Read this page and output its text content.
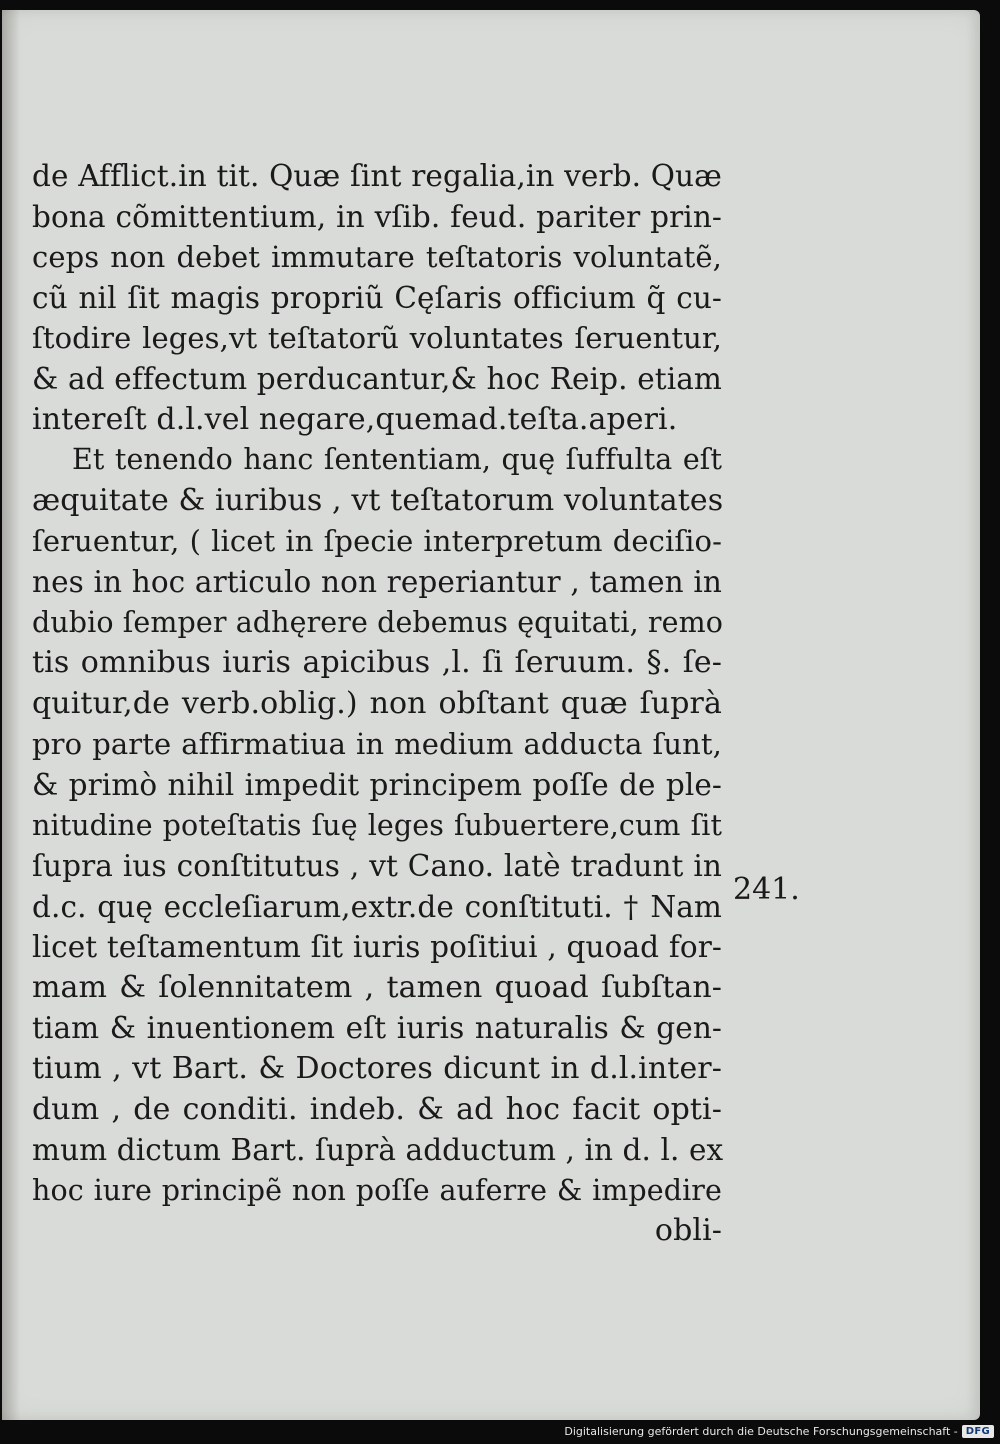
de Afflict.in tit. Quæ ſint regalia,in verb. Quæ
bona cõmittentium, in vſib. feud. pariter prin-
ceps non debet immutare teſtatoris voluntatẽ,
cũ nil ſit magis propriũ Cęſaris officium q̃ cu-
ſtodire leges,vt teſtatorũ voluntates ſeruentur,
& ad effectum perducantur,& hoc Reip. etiam
intereſt d.l.vel negare,quemad.teſta.aperi.
Et tenendo hanc ſententiam, quę ſuffulta eſt
æquitate & iuribus , vt teſtatorum voluntates
ſeruentur, ( licet in ſpecie interpretum deciſio-
nes in hoc articulo non reperiantur , tamen in
dubio ſemper adhęrere debemus ęquitati, remo
tis omnibus iuris apicibus ,l. ſi ſeruum. §. ſe-
quitur,de verb.oblig.) non obſtant quæ ſuprà
pro parte affirmatiua in medium adducta ſunt,
& primò nihil impedit principem poſſe de ple-
nitudine poteſtatis ſuę leges ſubuertere,cum ſit
ſupra ius conſtitutus , vt Cano. latè tradunt in
d.c. quę eccleſiarum,extr.de conſtituti. † Nam
licet teſtamentum ſit iuris poſitiui , quoad for-
mam & ſolennitatem , tamen quoad ſubſtan-
tiam & inuentionem eſt iuris naturalis & gen-
tium , vt Bart. & Doctores dicunt in d.l.inter-
dum , de conditi. indeb. & ad hoc facit opti-
mum dictum Bart. ſuprà adductum , in d. l. ex
hoc iure principẽ non poſſe auferre & impedire
obli-
241.
Digitalisierung gefördert durch die Deutsche Forschungsgemeinschaft - DFG
